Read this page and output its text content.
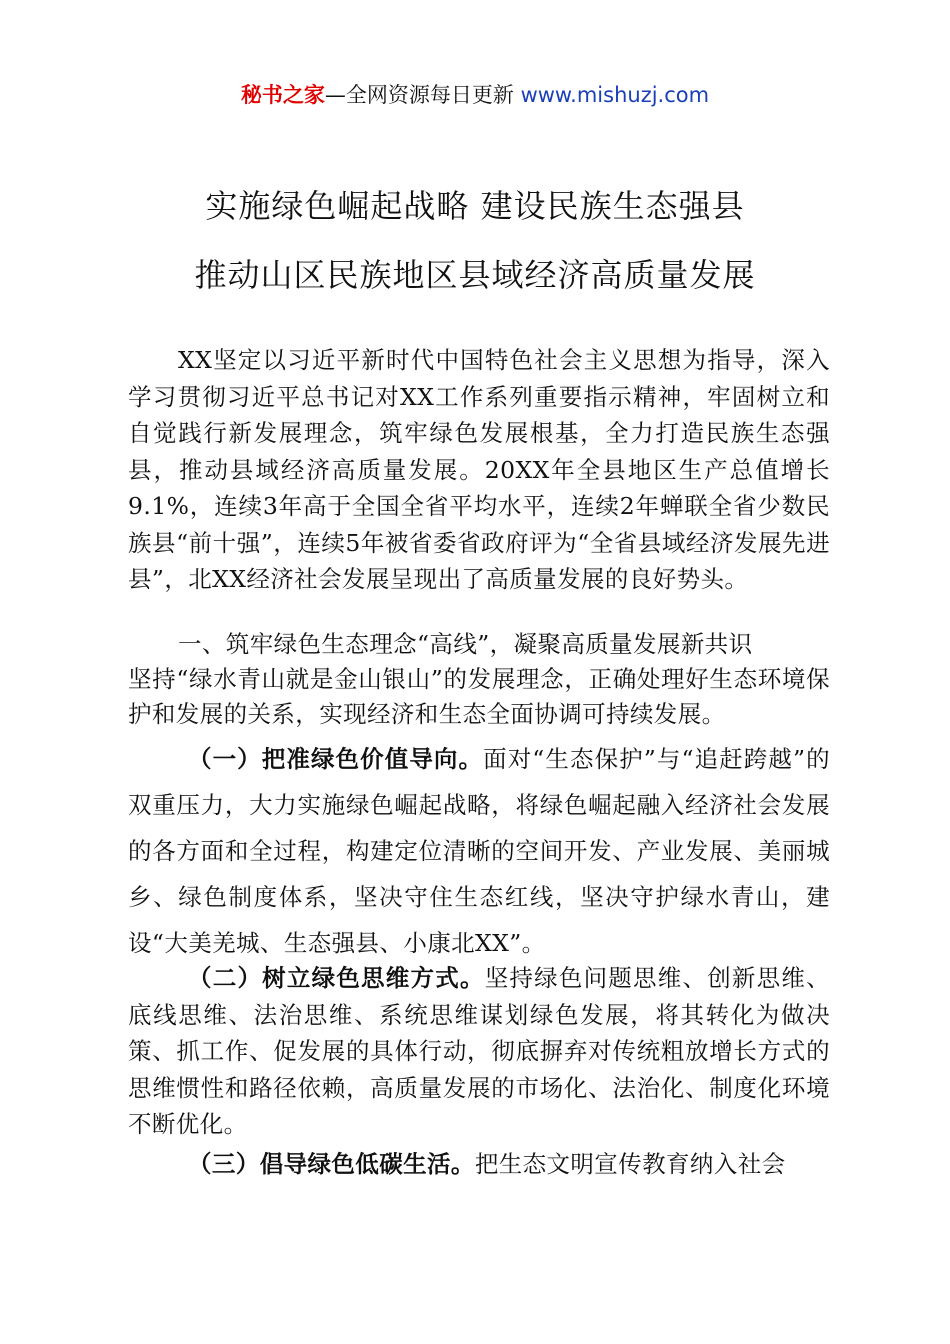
秘书之家—全网资源每日更新 www.mishuzj.com
实施绿色崛起战略 建设民族生态强县
推动山区民族地区县域经济高质量发展

XX坚定以习近平新时代中国特色社会主义思想为指导，深入学习贯彻习近平总书记对XX工作系列重要指示精神，牢固树立和自觉践行新发展理念，筑牢绿色发展根基，全力打造民族生态强县，推动县域经济高质量发展。20XX年全县地区生产总值增长9.1%，连续3年高于全国全省平均水平，连续2年蝉联全省少数民族县“前十强”，连续5年被省委省政府评为“全省县域经济发展先进县”，北XX经济社会发展呈现出了高质量发展的良好势头。

一、筑牢绿色生态理念“高线”，凝聚高质量发展新共识
坚持“绿水青山就是金山银山”的发展理念，正确处理好生态环境保护和发展的关系，实现经济和生态全面协调可持续发展。

（一）把准绿色价值导向。面对“生态保护”与“追赶跨越”的双重压力，大力实施绿色崛起战略，将绿色崛起融入经济社会发展的各方面和全过程，构建定位清晰的空间开发、产业发展、美丽城乡、绿色制度体系，坚决守住生态红线，坚决守护绿水青山，建设“大美羌城、生态强县、小康北XX”。

（二）树立绿色思维方式。坚持绿色问题思维、创新思维、底线思维、法治思维、系统思维谋划绿色发展，将其转化为做决策、抓工作、促发展的具体行动，彻底摒弃对传统粗放增长方式的思维惯性和路径依赖，高质量发展的市场化、法治化、制度化环境不断优化。

（三）倡导绿色低碳生活。把生态文明宣传教育纳入社会
